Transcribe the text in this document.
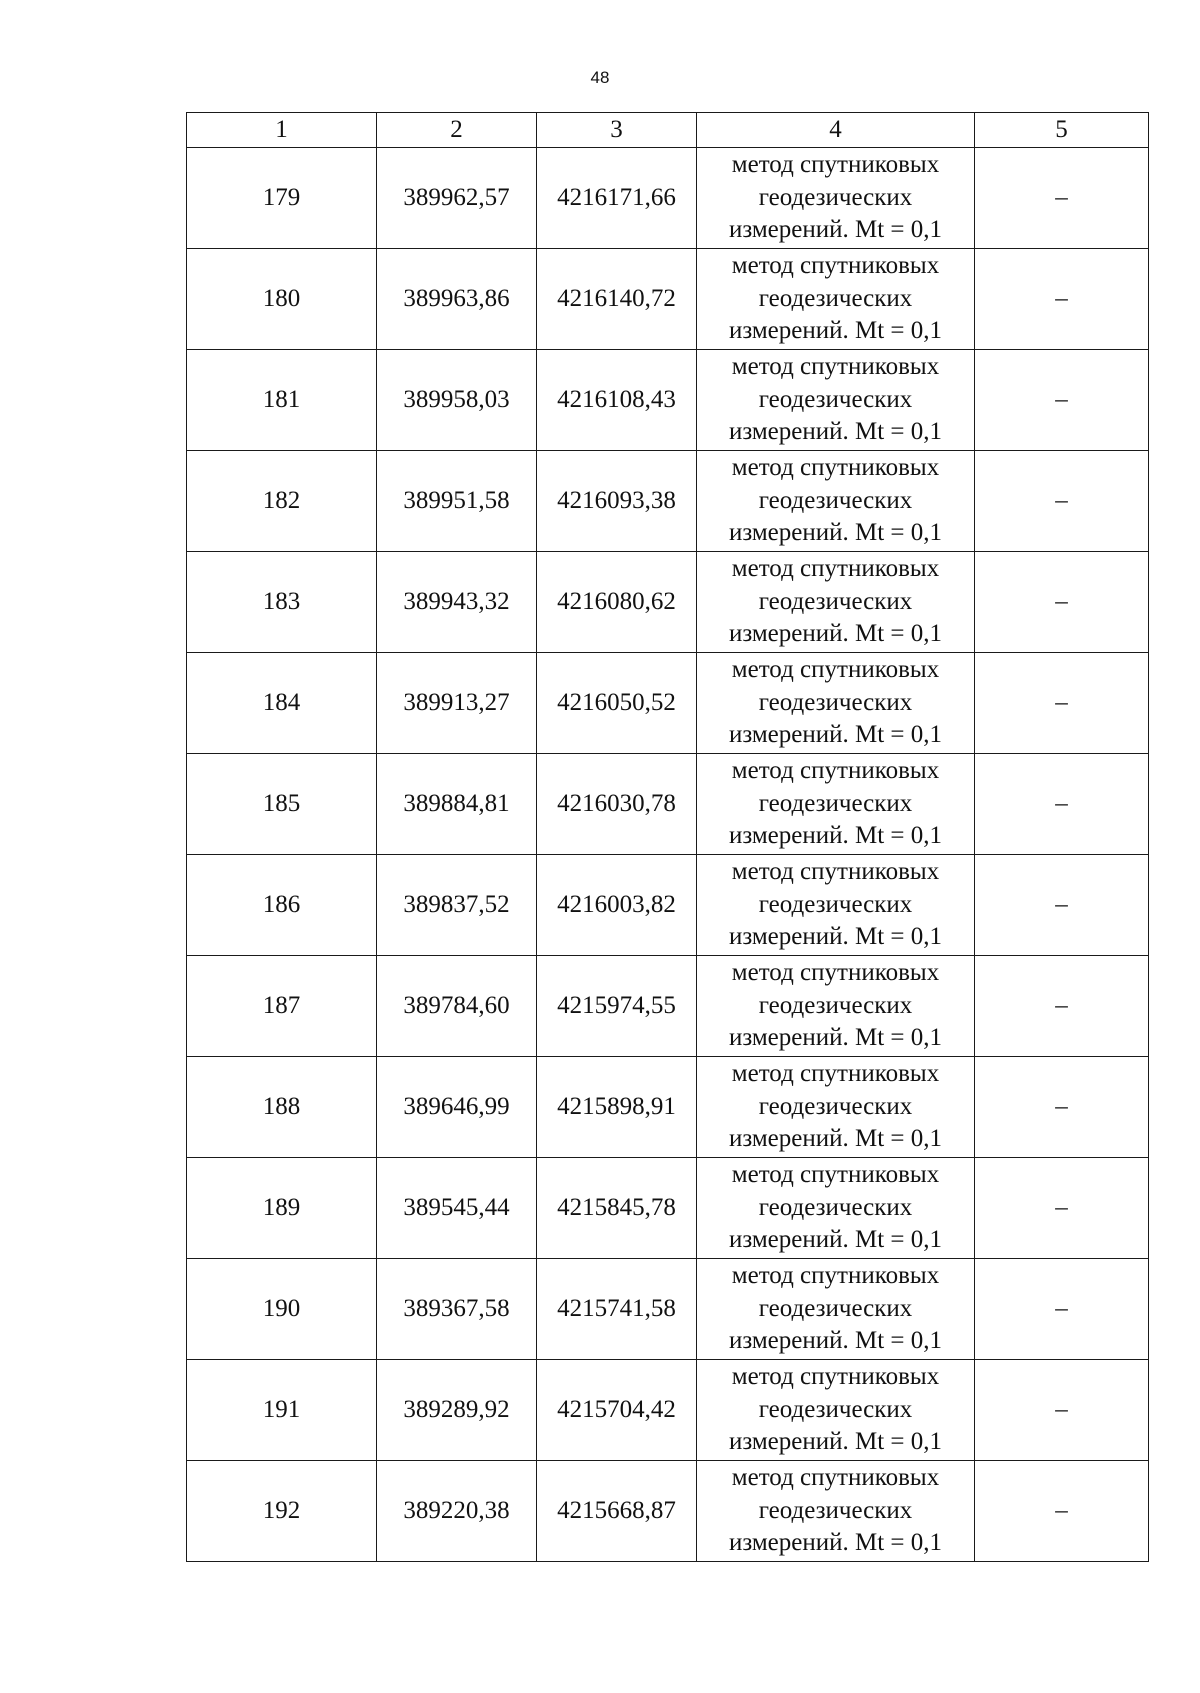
48
1	2	3	4	5
179	389962,57	4216171,66	метод спутниковых
геодезических
измерений. Mt = 0,1	–
180	389963,86	4216140,72	метод спутниковых
геодезических
измерений. Mt = 0,1	–
181	389958,03	4216108,43	метод спутниковых
геодезических
измерений. Mt = 0,1	–
182	389951,58	4216093,38	метод спутниковых
геодезических
измерений. Mt = 0,1	–
183	389943,32	4216080,62	метод спутниковых
геодезических
измерений. Mt = 0,1	–
184	389913,27	4216050,52	метод спутниковых
геодезических
измерений. Mt = 0,1	–
185	389884,81	4216030,78	метод спутниковых
геодезических
измерений. Mt = 0,1	–
186	389837,52	4216003,82	метод спутниковых
геодезических
измерений. Mt = 0,1	–
187	389784,60	4215974,55	метод спутниковых
геодезических
измерений. Mt = 0,1	–
188	389646,99	4215898,91	метод спутниковых
геодезических
измерений. Mt = 0,1	–
189	389545,44	4215845,78	метод спутниковых
геодезических
измерений. Mt = 0,1	–
190	389367,58	4215741,58	метод спутниковых
геодезических
измерений. Mt = 0,1	–
191	389289,92	4215704,42	метод спутниковых
геодезических
измерений. Mt = 0,1	–
192	389220,38	4215668,87	метод спутниковых
геодезических
измерений. Mt = 0,1	–
